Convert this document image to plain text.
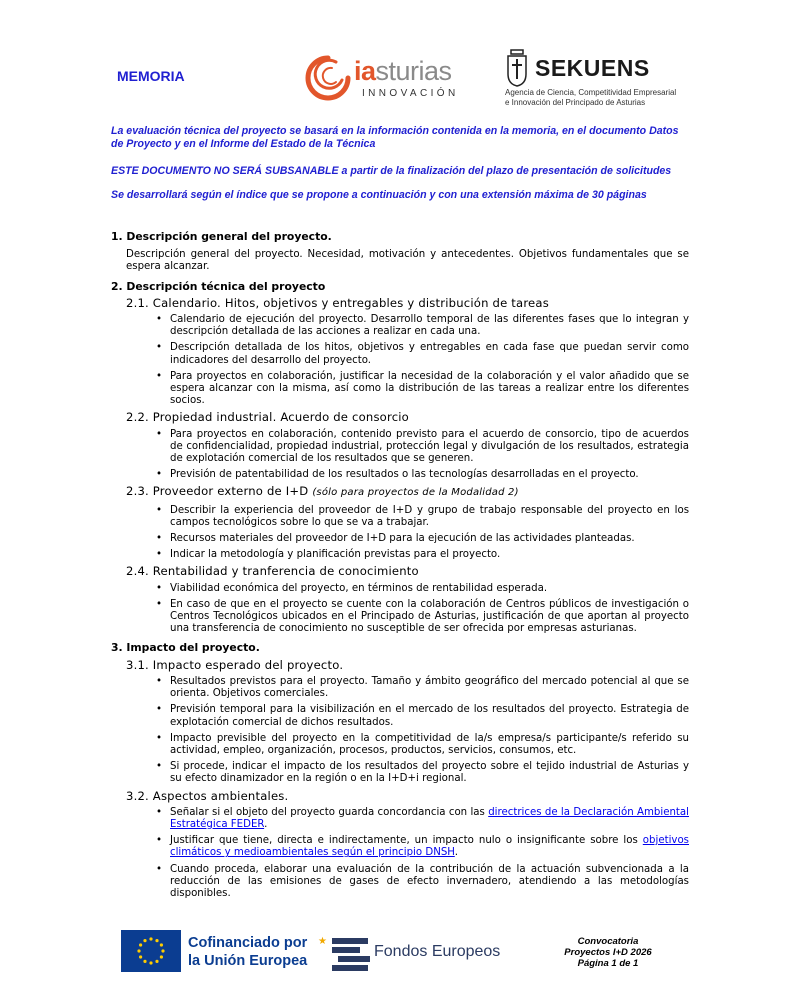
MEMORIA	iasturias
INNOVACIÓN
SEKUENS
Agencia de Ciencia, Competitividad Empresarial
e Innovación del Principado de Asturias

La evaluación técnica del proyecto se basará en la información contenida en la memoria, en el documento Datos de Proyecto y en el Informe del Estado de la Técnica

ESTE DOCUMENTO NO SERÁ SUBSANABLE a partir de la finalización del plazo de presentación de solicitudes

Se desarrollará según el índice que se propone a continuación y con una extensión máxima de 30 páginas

1. Descripción general del proyecto.

Descripción general del proyecto. Necesidad, motivación y antecedentes. Objetivos fundamentales que se espera alcanzar.

2. Descripción técnica del proyecto
2.1. Calendario. Hitos, objetivos y entregables y distribución de tareas
• Calendario de ejecución del proyecto. Desarrollo temporal de las diferentes fases que lo integran y descripción detallada de las acciones a realizar en cada una.
• Descripción detallada de los hitos, objetivos y entregables en cada fase que puedan servir como indicadores del desarrollo del proyecto.
• Para proyectos en colaboración, justificar la necesidad de la colaboración y el valor añadido que se espera alcanzar con la misma, así como la distribución de las tareas a realizar entre los diferentes socios.
2.2. Propiedad industrial. Acuerdo de consorcio
• Para proyectos en colaboración, contenido previsto para el acuerdo de consorcio, tipo de acuerdos de confidencialidad, propiedad industrial, protección legal y divulgación de los resultados, estrategia de explotación comercial de los resultados que se generen.
• Previsión de patentabilidad de los resultados o las tecnologías desarrolladas en el proyecto.
2.3. Proveedor externo de I+D (sólo para proyectos de la Modalidad 2)
• Describir la experiencia del proveedor de I+D y grupo de trabajo responsable del proyecto en los campos tecnológicos sobre lo que se va a trabajar.
• Recursos materiales del proveedor de I+D para la ejecución de las actividades planteadas.
• Indicar la metodología y planificación previstas para el proyecto.
2.4. Rentabilidad y tranferencia de conocimiento
• Viabilidad económica del proyecto, en términos de rentabilidad esperada.
• En caso de que en el proyecto se cuente con la colaboración de Centros públicos de investigación o Centros Tecnológicos ubicados en el Principado de Asturias, justificación de que aportan al proyecto una transferencia de conocimiento no susceptible de ser ofrecida por empresas asturianas.
3. Impacto del proyecto.
3.1. Impacto esperado del proyecto.
• Resultados previstos para el proyecto. Tamaño y ámbito geográfico del mercado potencial al que se orienta. Objetivos comerciales.
• Previsión temporal para la visibilización en el mercado de los resultados del proyecto. Estrategia de explotación comercial de dichos resultados.
• Impacto previsible del proyecto en la competitividad de la/s empresa/s participante/s referido su actividad, empleo, organización, procesos, productos, servicios, consumos, etc.
• Si procede, indicar el impacto de los resultados del proyecto sobre el tejido industrial de Asturias y su efecto dinamizador en la región o en la I+D+i regional.
3.2. Aspectos ambientales.
• Señalar si el objeto del proyecto guarda concordancia con las directrices de la Declaración Ambiental Estratégica FEDER.
• Justificar que tiene, directa e indirectamente, un impacto nulo o insignificante sobre los objetivos climáticos y medioambientales según el principio DNSH.
• Cuando proceda, elaborar una evaluación de la contribución de la actuación subvencionada a la reducción de las emisiones de gases de efecto invernadero, atendiendo a las metodologías disponibles.
Cofinanciado por
la Unión Europea
★
Fondos Europeos
Convocatoria
Proyectos I+D 2026
Página 1 de 1
